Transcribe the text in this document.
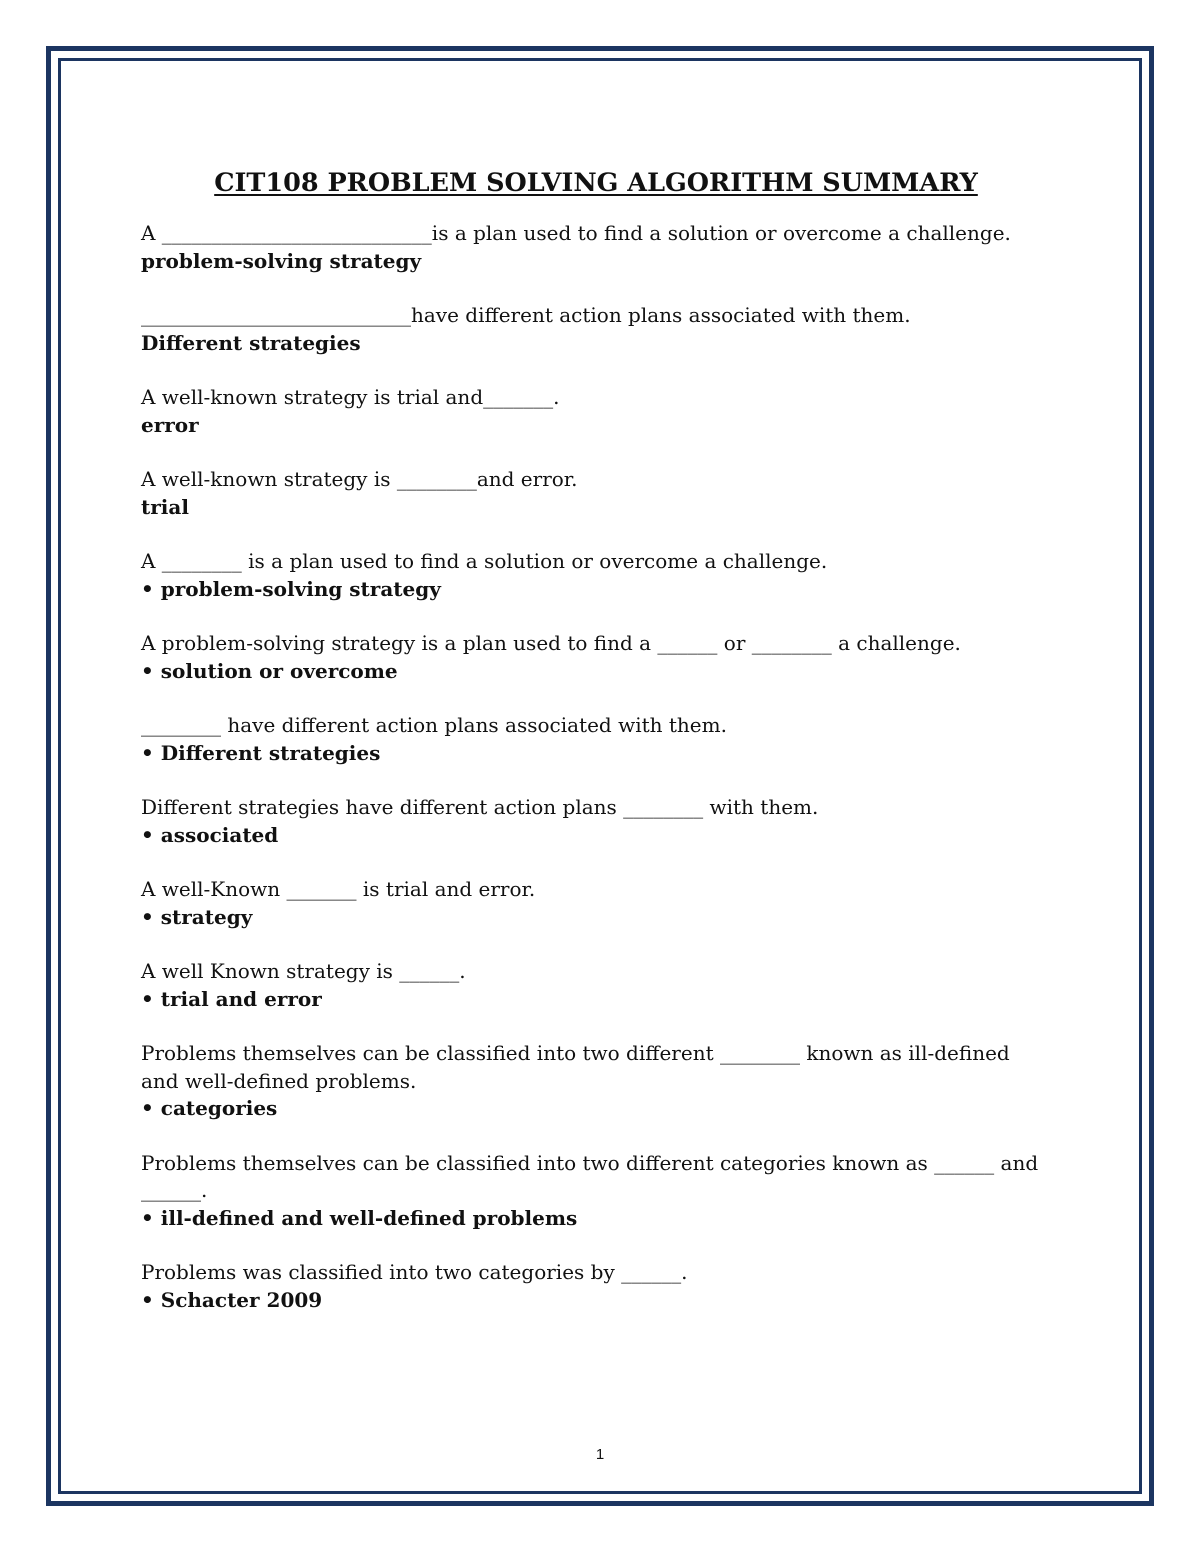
CIT108 PROBLEM SOLVING ALGORITHM SUMMARY

A ___________________________is a plan used to find a solution or overcome a challenge.

problem-solving strategy

___________________________have different action plans associated with them.

Different strategies

A well-known strategy is trial and_______.

error

A well-known strategy is ________and error.

trial

A ________ is a plan used to find a solution or overcome a challenge.

• problem-solving strategy

A problem-solving strategy is a plan used to find a ______ or ________ a challenge.

• solution or overcome

________ have different action plans associated with them.

• Different strategies

Different strategies have different action plans ________ with them.

• associated

A well-Known _______ is trial and error.

• strategy

A well Known strategy is ______.

• trial and error

Problems themselves can be classified into two different ________ known as ill-defined and well-defined problems.

• categories

Problems themselves can be classified into two different categories known as ______ and ______.

• ill-defined and well-defined problems

Problems was classified into two categories by ______.

• Schacter 2009

1
